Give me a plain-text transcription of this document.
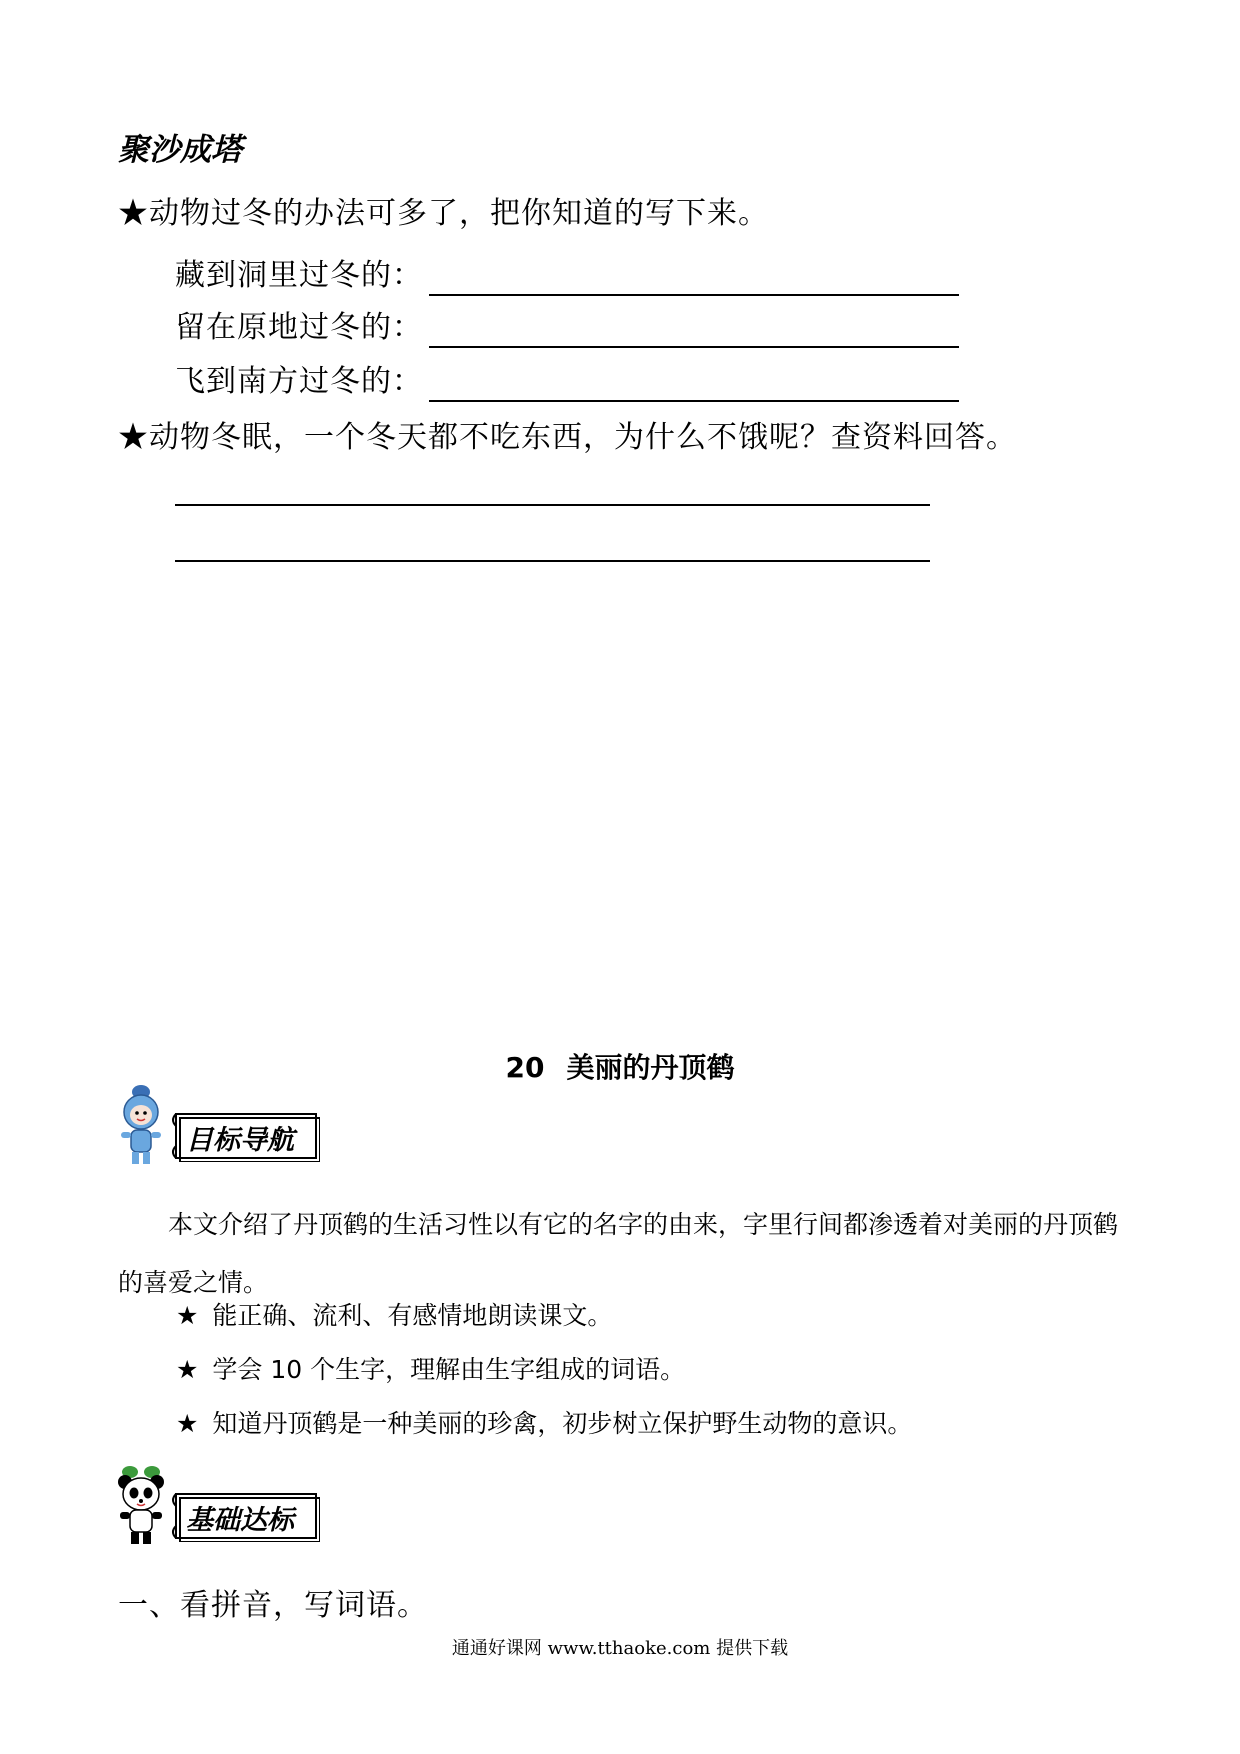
聚沙成塔
★动物过冬的办法可多了，把你知道的写下来。
藏到洞里过冬的：
留在原地过冬的：
飞到南方过冬的：
★动物冬眠，一个冬天都不吃东西，为什么不饿呢？查资料回答。
20 美丽的丹顶鹤
目标导航
本文介绍了丹顶鹤的生活习性以有它的名字的由来，字里行间都渗透着对美丽的丹顶鹤的喜爱之情。
★ 能正确、流利、有感情地朗读课文。
★ 学会 10 个生字，理解由生字组成的词语。
★ 知道丹顶鹤是一种美丽的珍禽，初步树立保护野生动物的意识。
基础达标
一、看拼音，写词语。
通通好课网 www.tthaoke.com 提供下载
